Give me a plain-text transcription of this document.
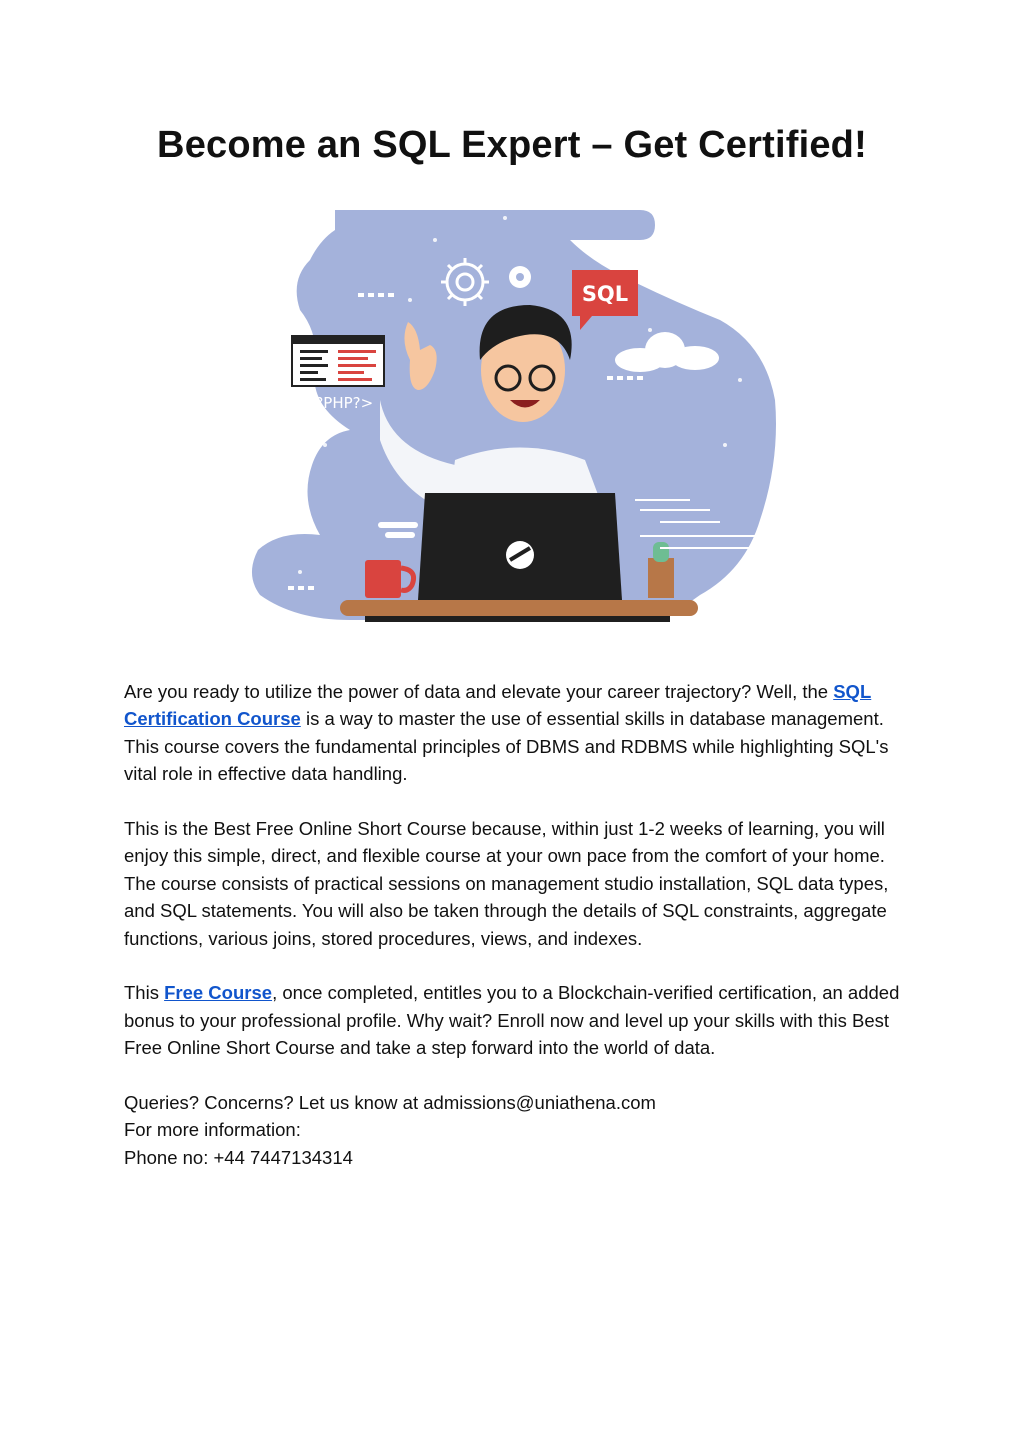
Become an SQL Expert – Get Certified!
SQL
<?PHP?>

Are you ready to utilize the power of data and elevate your career trajectory? Well, the SQL Certification Course is a way to master the use of essential skills in database management. This course covers the fundamental principles of DBMS and RDBMS while highlighting SQL's vital role in effective data handling.

This is the Best Free Online Short Course because, within just 1-2 weeks of learning, you will enjoy this simple, direct, and flexible course at your own pace from the comfort of your home. The course consists of practical sessions on management studio installation, SQL data types, and SQL statements. You will also be taken through the details of SQL constraints, aggregate functions, various joins, stored procedures, views, and indexes.

This Free Course, once completed, entitles you to a Blockchain-verified certification, an added bonus to your professional profile. Why wait? Enroll now and level up your skills with this Best Free Online Short Course and take a step forward into the world of data.

Queries? Concerns? Let us know at admissions@uniathena.com

For more information:

Phone no: +44 7447134314
